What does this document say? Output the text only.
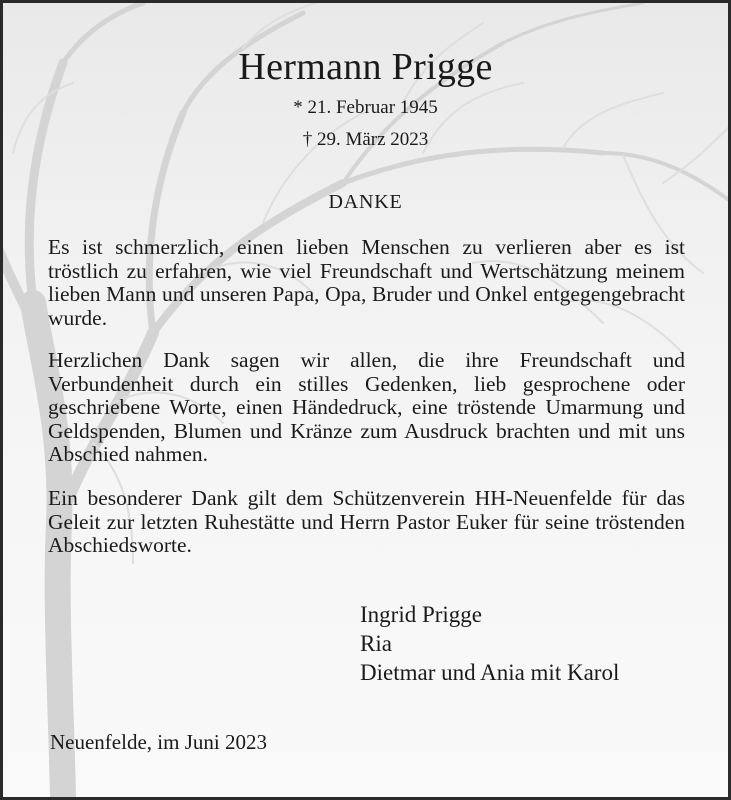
Hermann Prigge
* 21. Februar 1945
† 29. März 2023
DANKE

Es ist schmerzlich, einen lieben Menschen zu verlieren aber es ist tröstlich zu erfahren, wie viel Freundschaft und Wertschätzung meinem lieben Mann und unseren Papa, Opa, Bruder und Onkel entgegengebracht wurde.

Herzlichen Dank sagen wir allen, die ihre Freundschaft und Verbundenheit durch ein stilles Gedenken, lieb gesprochene oder geschriebene Worte, einen Händedruck, eine tröstende Umarmung und Geldspenden, Blumen und Kränze zum Ausdruck brachten und mit uns Abschied nahmen.

Ein besonderer Dank gilt dem Schützenverein HH-Neuenfelde für das Geleit zur letzten Ruhestätte und Herrn Pastor Euker für seine tröstenden Abschiedsworte.

Ingrid Prigge
Ria
Dietmar und Ania mit Karol
Neuenfelde, im Juni 2023
